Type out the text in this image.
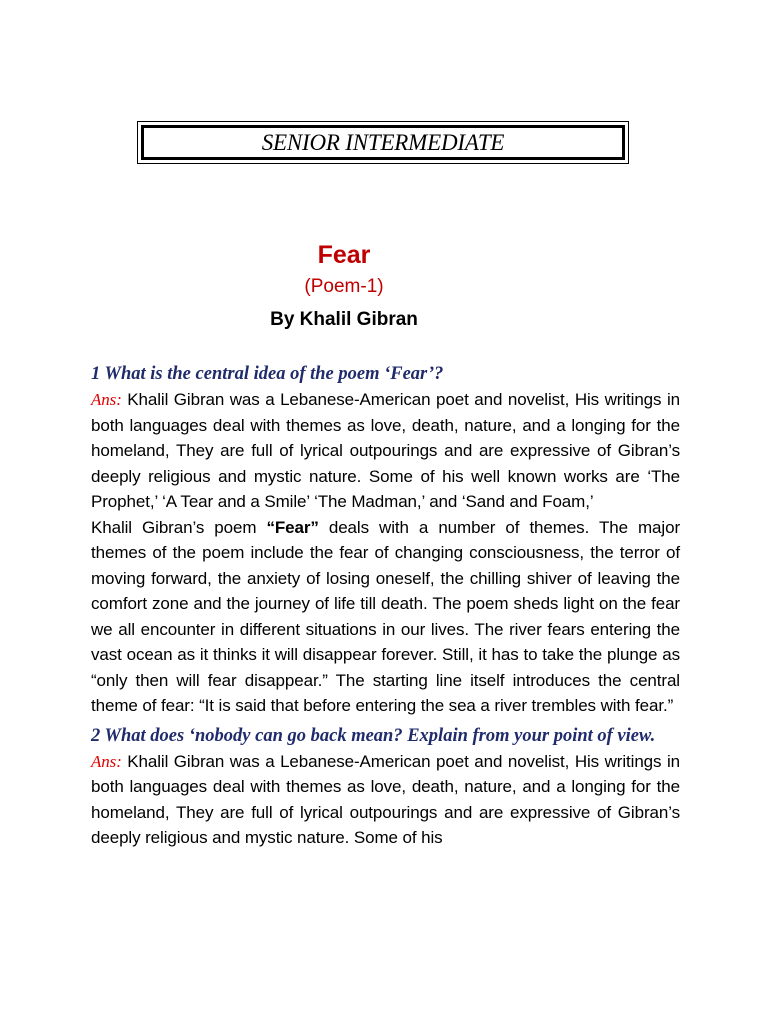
SENIOR INTERMEDIATE
Fear
(Poem-1)
By Khalil Gibran

1 What is the central idea of the poem ‘Fear’?

Ans: Khalil Gibran was a Lebanese-American poet and novelist, His writings in both languages deal with themes as love, death, nature, and a longing for the homeland, They are full of lyrical outpourings and are expressive of Gibran’s deeply religious and mystic nature. Some of his well known works are ‘The Prophet,’ ‘A Tear and a Smile’ ‘The Madman,’ and ‘Sand and Foam,’

Khalil Gibran’s poem “Fear” deals with a number of themes. The major themes of the poem include the fear of changing consciousness, the terror of moving forward, the anxiety of losing oneself, the chilling shiver of leaving the comfort zone and the journey of life till death. The poem sheds light on the fear we all encounter in different situations in our lives. The river fears entering the vast ocean as it thinks it will disappear forever. Still, it has to take the plunge as “only then will fear disappear.” The starting line itself introduces the central theme of fear: “It is said that before entering the sea a river trembles with fear.”

2 What does ‘nobody can go back mean? Explain from your point of view.

Ans: Khalil Gibran was a Lebanese-American poet and novelist, His writings in both languages deal with themes as love, death, nature, and a longing for the homeland, They are full of lyrical outpourings and are expressive of Gibran’s deeply religious and mystic nature. Some of his
